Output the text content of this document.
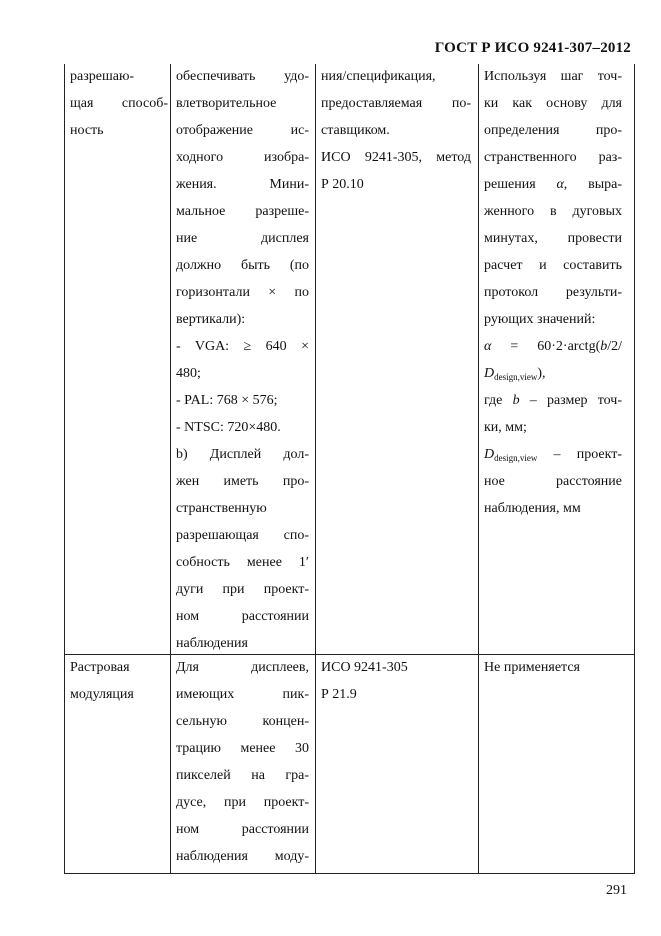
ГОСТ Р ИСО 9241-307–2012
разрешаю-
щая способ-
ность
обеспечивать удо-
влетворительное
отображение ис-
ходного изобра-
жения. Мини-
мальное разреше-
ние дисплея
должно быть (по
горизонтали × по
вертикали):
- VGA: ≥ 640 ×
480;
- PAL: 768 × 576;
- NTSC: 720×480.
b) Дисплей дол-
жен иметь про-
странственную
разрешающая спо-
собность менее 1′
дуги при проект-
ном расстоянии
наблюдения
ния/спецификация,
предоставляемая по-
ставщиком.
ИСО 9241-305, метод
Р 20.10
Используя шаг точ-
ки как основу для
определения про-
странственного раз-
решения α, выра-
женного в дуговых
минутах, провести
расчет и составить
протокол результи-
рующих значений:
α = 60·2·arctg(b/2/
$D_{design,view}$),
где b – размер точ-
ки, мм;
$D_{design,view}$ – проект-
ное расстояние
наблюдения, мм
Растровая
модуляция
Для дисплеев,
имеющих пик-
сельную концен-
трацию менее 30
пикселей на гра-
дусе, при проект-
ном расстоянии
наблюдения моду-
ИСО 9241-305
Р 21.9
Не применяется
291
